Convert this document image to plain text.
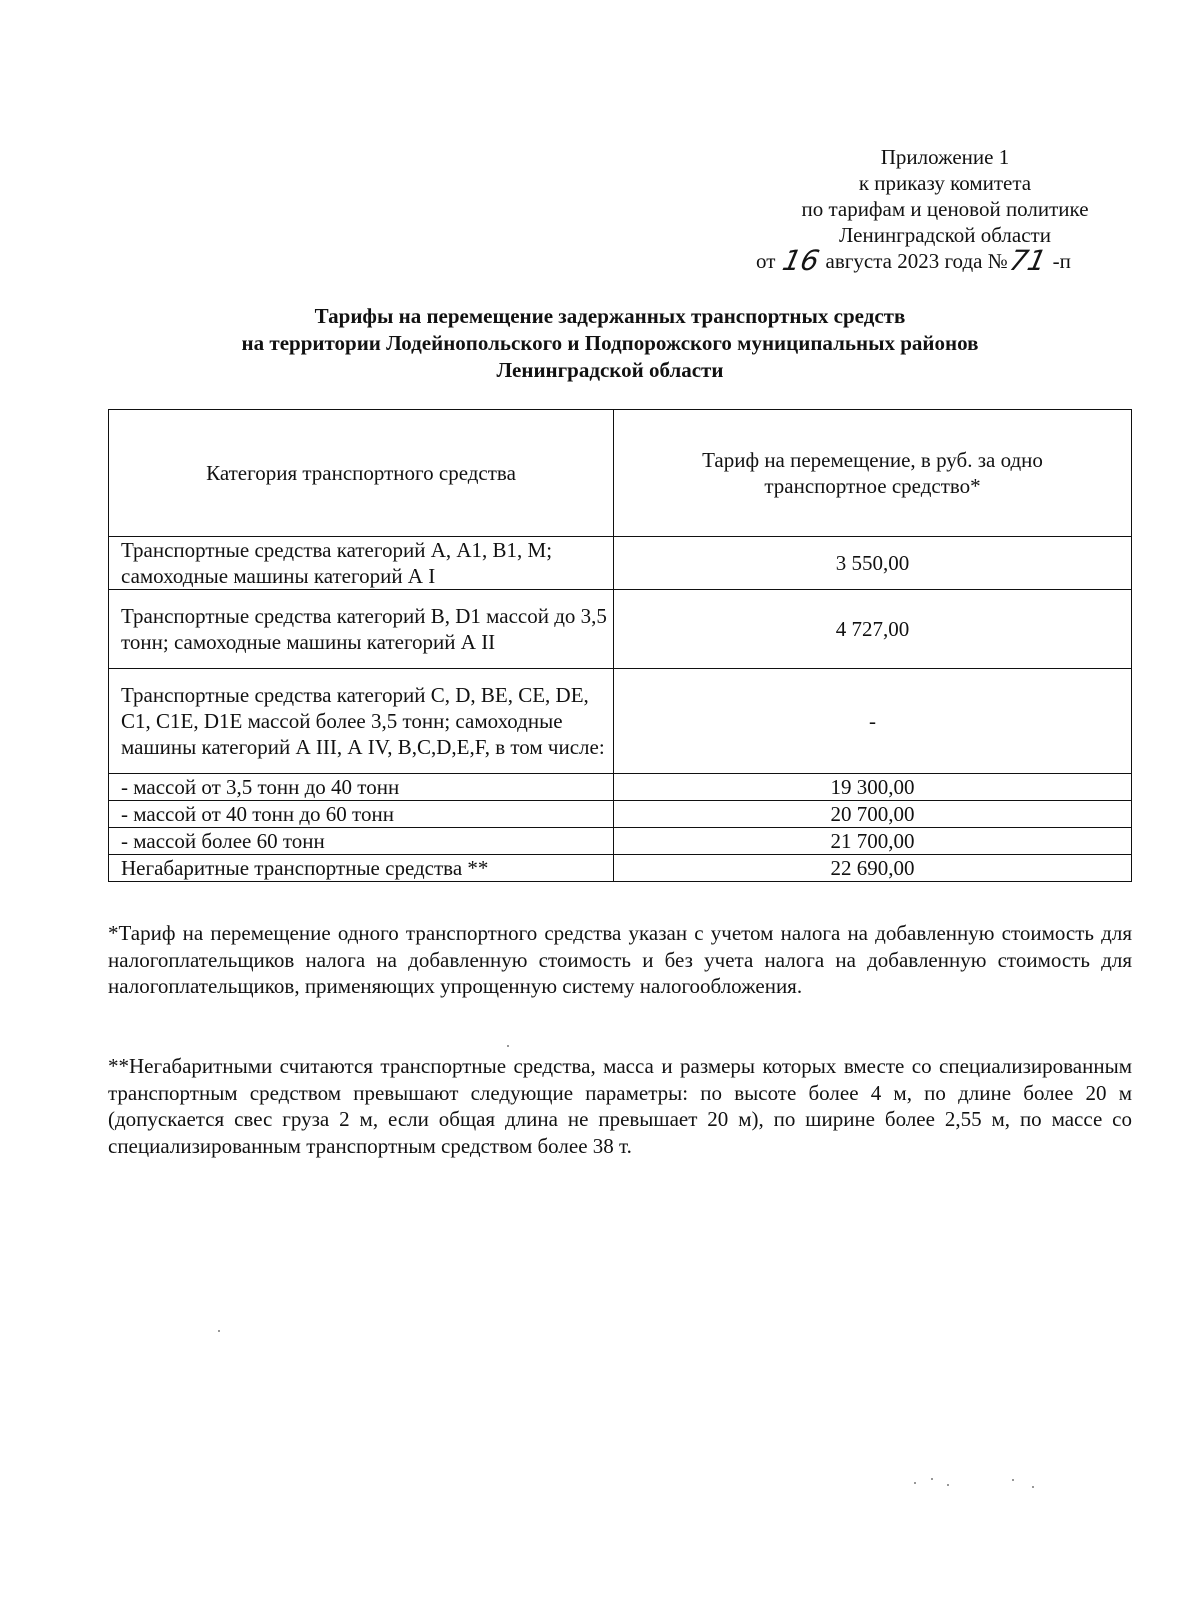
Приложение 1
к приказу комитета
по тарифам и ценовой политике
Ленинградской области
от 16 августа 2023 года №71 -п
Тарифы на перемещение задержанных транспортных средств
на территории Лодейнопольского и Подпорожского муниципальных районов
Ленинградской области
Категория транспортного средства	Тариф на перемещение, в руб. за одно транспортное средство*
Транспортные средства категорий А, А1, В1, М; самоходные машины категорий А I	3 550,00
Транспортные средства категорий В, D1 массой до 3,5 тонн; самоходные машины категорий А II	4 727,00
Транспортные средства категорий С, D, ВЕ, СЕ, DE, C1, C1E, D1E массой более 3,5 тонн; самоходные машины категорий А III, А IV, В,С,D,Е,F, в том числе:	-
- массой от 3,5 тонн до 40 тонн	19 300,00
- массой от 40 тонн до 60 тонн	20 700,00
- массой более 60 тонн	21 700,00
Негабаритные транспортные средства **	22 690,00
*Тариф на перемещение одного транспортного средства указан с учетом налога на добавленную стоимость для налогоплательщиков налога на добавленную стоимость и без учета налога на добавленную стоимость для налогоплательщиков, применяющих упрощенную систему налогообложения.
**Негабаритными считаются транспортные средства, масса и размеры которых вместе со специализированным транспортным средством превышают следующие параметры: по высоте более 4 м, по длине более 20 м (допускается свес груза 2 м, если общая длина не превышает 20 м), по ширине более 2,55 м, по массе со специализированным транспортным средством более 38 т.
